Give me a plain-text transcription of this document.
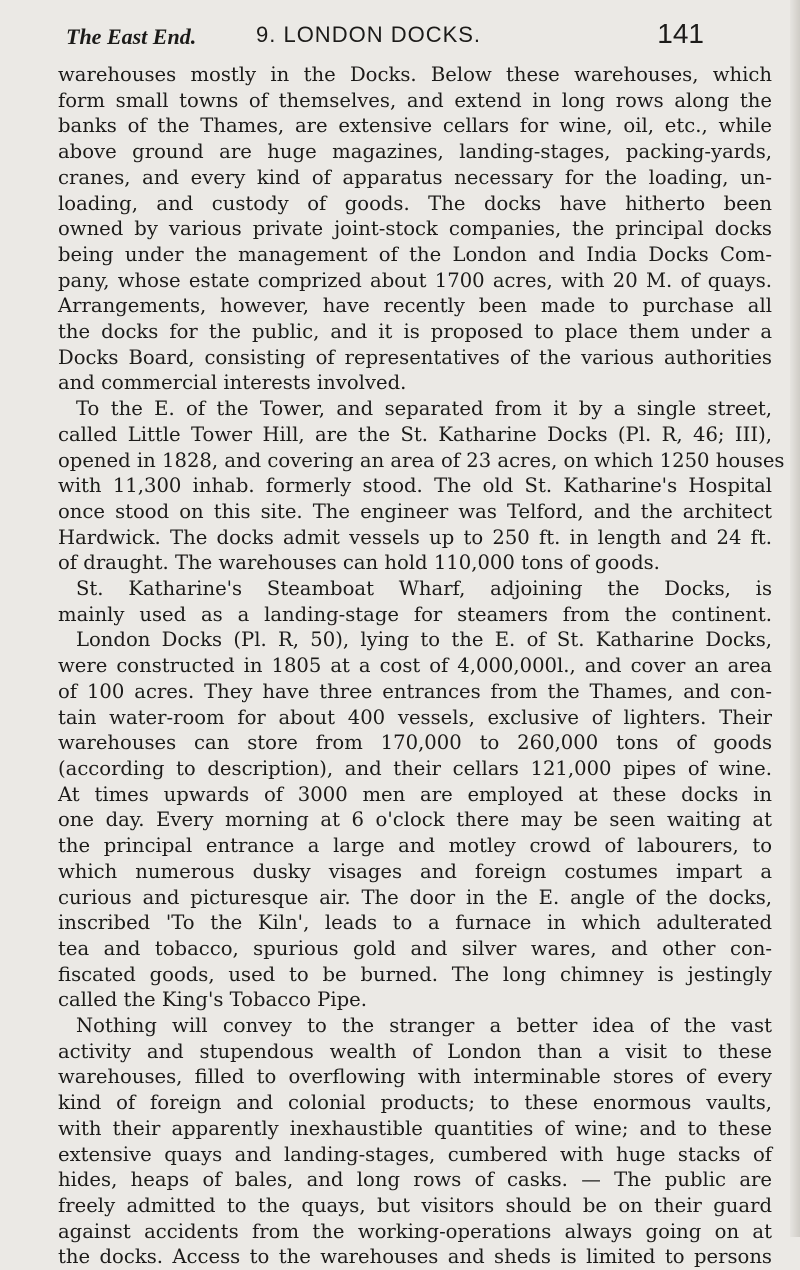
The East End.	9. LONDON DOCKS.	141
warehouses mostly in the Docks. Below these warehouses, which
form small towns of themselves, and extend in long rows along the
banks of the Thames, are extensive cellars for wine, oil, etc., while
above ground are huge magazines, landing-stages, packing-yards,
cranes, and every kind of apparatus necessary for the loading, un-
loading, and custody of goods. The docks have hitherto been
owned by various private joint-stock companies, the principal docks
being under the management of the London and India Docks Com-
pany, whose estate comprized about 1700 acres, with 20 M. of quays.
Arrangements, however, have recently been made to purchase all
the docks for the public, and it is proposed to place them under a
Docks Board, consisting of representatives of the various authorities
and commercial interests involved.
To the E. of the Tower, and separated from it by a single street,
called Little Tower Hill, are the St. Katharine Docks (Pl. R, 46; III),
opened in 1828, and covering an area of 23 acres, on which 1250 houses
with 11,300 inhab. formerly stood. The old St. Katharine's Hospital
once stood on this site. The engineer was Telford, and the architect
Hardwick. The docks admit vessels up to 250 ft. in length and 24 ft.
of draught. The warehouses can hold 110,000 tons of goods.
St. Katharine's Steamboat Wharf, adjoining the Docks, is
mainly used as a landing-stage for steamers from the continent.
London Docks (Pl. R, 50), lying to the E. of St. Katharine Docks,
were constructed in 1805 at a cost of 4,000,000l., and cover an area
of 100 acres. They have three entrances from the Thames, and con-
tain water-room for about 400 vessels, exclusive of lighters. Their
warehouses can store from 170,000 to 260,000 tons of goods
(according to description), and their cellars 121,000 pipes of wine.
At times upwards of 3000 men are employed at these docks in
one day. Every morning at 6 o'clock there may be seen waiting at
the principal entrance a large and motley crowd of labourers, to
which numerous dusky visages and foreign costumes impart a
curious and picturesque air. The door in the E. angle of the docks,
inscribed 'To the Kiln', leads to a furnace in which adulterated
tea and tobacco, spurious gold and silver wares, and other con-
fiscated goods, used to be burned. The long chimney is jestingly
called the King's Tobacco Pipe.
Nothing will convey to the stranger a better idea of the vast
activity and stupendous wealth of London than a visit to these
warehouses, filled to overflowing with interminable stores of every
kind of foreign and colonial products; to these enormous vaults,
with their apparently inexhaustible quantities of wine; and to these
extensive quays and landing-stages, cumbered with huge stacks of
hides, heaps of bales, and long rows of casks. — The public are
freely admitted to the quays, but visitors should be on their guard
against accidents from the working-operations always going on at
the docks. Access to the warehouses and sheds is limited to persons
